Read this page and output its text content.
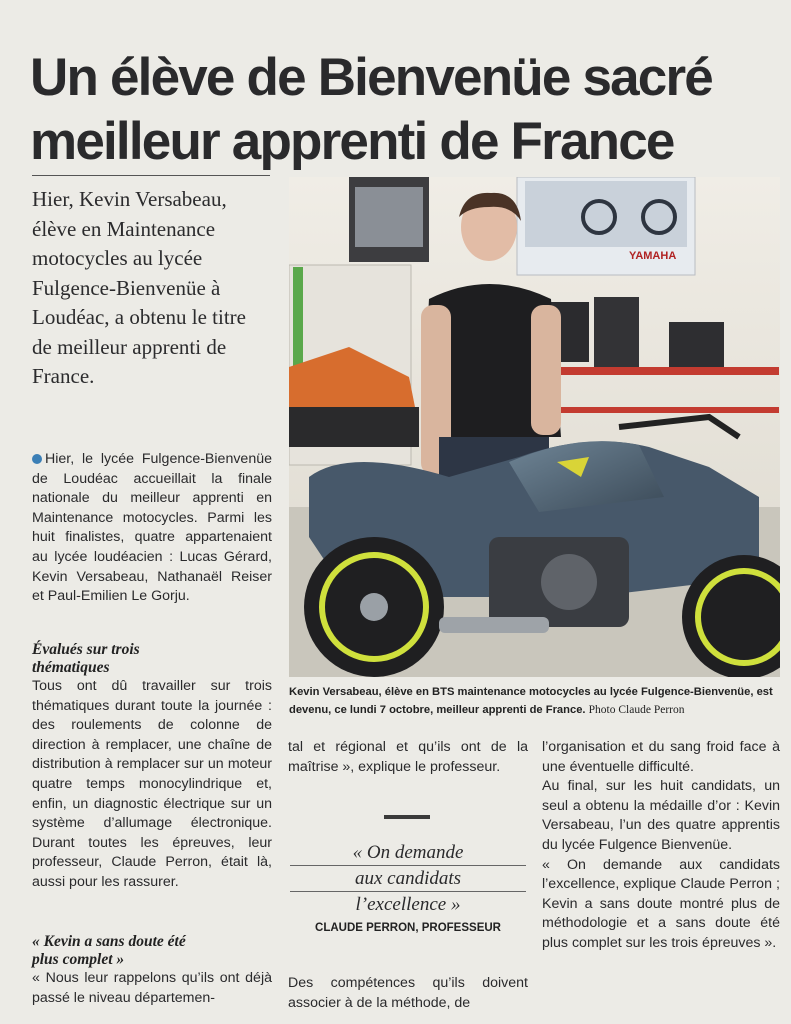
Un élève de Bienvenüe sacré meilleur apprenti de France

Hier, Kevin Versabeau, élève en Maintenance motocycles au lycée Fulgence-Bienvenüe à Loudéac, a obtenu le titre de meilleur apprenti de France.

Hier, le lycée Fulgence-Bienvenüe de Loudéac accueillait la finale nationale du meilleur apprenti en Maintenance motocycles. Parmi les huit finalistes, quatre appartenaient au lycée loudéacien : Lucas Gérard, Kevin Versabeau, Nathanaël Reiser et Paul-Emilien Le Gorju.
Évalués sur trois thématiques
Tous ont dû travailler sur trois thématiques durant toute la journée : des roulements de colonne de direction à remplacer, une chaîne de distribution à remplacer sur un moteur quatre temps monocylindrique et, enfin, un diagnostic électrique sur un système d’allumage électronique. Durant toutes les épreuves, leur professeur, Claude Perron, était là, aussi pour les rassurer.
« Kevin a sans doute été plus complet »
« Nous leur rappelons qu’ils ont déjà passé le niveau départemen-
YAMAHA
Kevin Versabeau, élève en BTS maintenance motocycles au lycée Fulgence-Bienvenüe, est devenu, ce lundi 7 octobre, meilleur apprenti de France. Photo Claude Perron
tal et régional et qu’ils ont de la maîtrise », explique le professeur.
« On demande
aux candidats
l’excellence »
CLAUDE PERRON, PROFESSEUR
Des compétences qu’ils doivent associer à de la méthode, de
l’organisation et du sang froid face à une éventuelle difficulté.
Au final, sur les huit candidats, un seul a obtenu la médaille d’or : Kevin Versabeau, l’un des quatre apprentis du lycée Fulgence Bienvenüe.
« On demande aux candidats l’excellence, explique Claude Perron ; Kevin a sans doute montré plus de méthodologie et a sans doute été plus complet sur les trois épreuves ».
